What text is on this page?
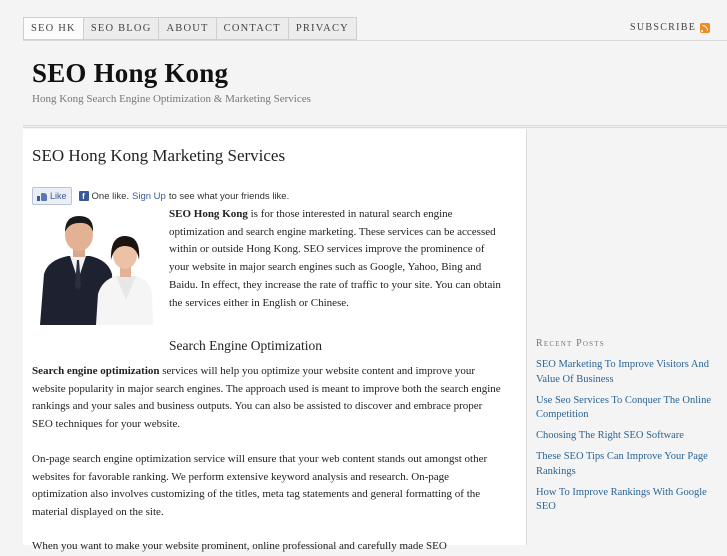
SEO HK	SEO BLOG	ABOUT	CONTACT	PRIVACY	SUBSCRIBE
SEO Hong Kong
Hong Kong Search Engine Optimization & Marketing Services
SEO Hong Kong Marketing Services
Like	f One like. Sign Up to see what your friends like.
SEO Hong Kong is for those interested in natural search engine optimization and search engine marketing. These services can be accessed within or outside Hong Kong. SEO services improve the prominence of your website in major search engines such as Google, Yahoo, Bing and Baidu. In effect, they increase the rate of traffic to your site. You can obtain the services either in English or Chinese.
Search Engine Optimization
Search engine optimization services will help you optimize your website content and improve your website popularity in major search engines. The approach used is meant to improve both the search engine rankings and your sales and business outputs. You can also be assisted to discover and embrace proper SEO techniques for your website.
On-page search engine optimization service will ensure that your web content stands out amongst other websites for favorable ranking. We perform extensive keyword analysis and research. On-page optimization also involves customizing of the titles, meta tag statements and general formatting of the material displayed on the site.
When you want to make your website prominent, online professional and carefully made SEO
Recent Posts
SEO Marketing To Improve Visitors And Value Of Business
Use Seo Services To Conquer The Online Competition
Choosing The Right SEO Software
These SEO Tips Can Improve Your Page Rankings
How To Improve Rankings With Google SEO
